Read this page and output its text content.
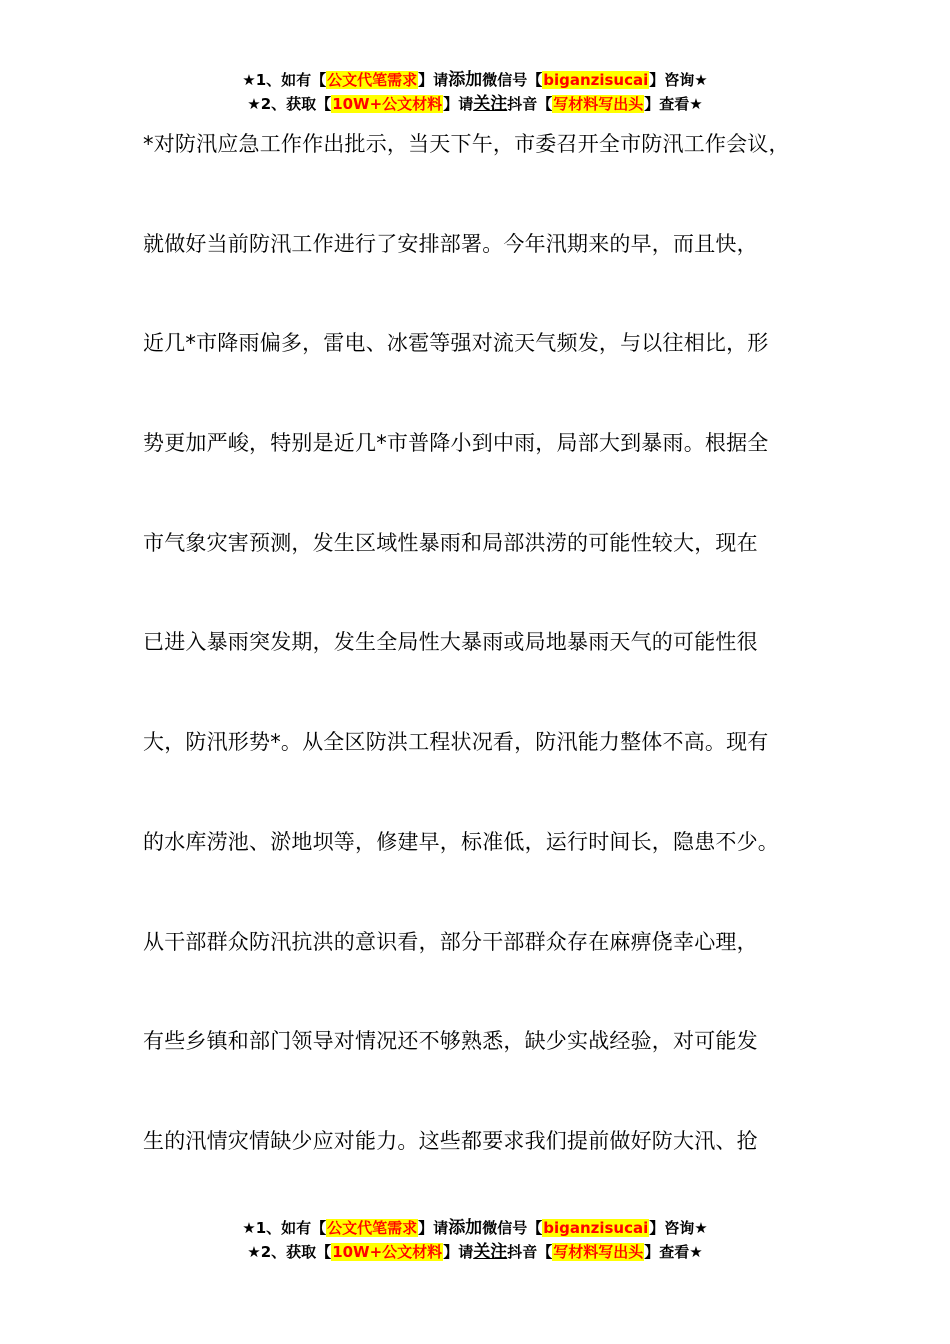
★1、如有【公文代笔需求】请添加微信号【biganzisucai】咨询★
★2、获取【10W+公文材料】请关注抖音【写材料写出头】查看★
*对防汛应急工作作出批示，当天下午，市委召开全市防汛工作会议，
就做好当前防汛工作进行了安排部署。今年汛期来的早，而且快，
近几*市降雨偏多，雷电、冰雹等强对流天气频发，与以往相比，形
势更加严峻，特别是近几*市普降小到中雨，局部大到暴雨。根据全
市气象灾害预测，发生区域性暴雨和局部洪涝的可能性较大，现在
已进入暴雨突发期，发生全局性大暴雨或局地暴雨天气的可能性很
大，防汛形势*。从全区防洪工程状况看，防汛能力整体不高。现有
的水库涝池、淤地坝等，修建早，标准低，运行时间长，隐患不少。
从干部群众防汛抗洪的意识看，部分干部群众存在麻痹侥幸心理，
有些乡镇和部门领导对情况还不够熟悉，缺少实战经验，对可能发
生的汛情灾情缺少应对能力。这些都要求我们提前做好防大汛、抢
★1、如有【公文代笔需求】请添加微信号【biganzisucai】咨询★
★2、获取【10W+公文材料】请关注抖音【写材料写出头】查看★
